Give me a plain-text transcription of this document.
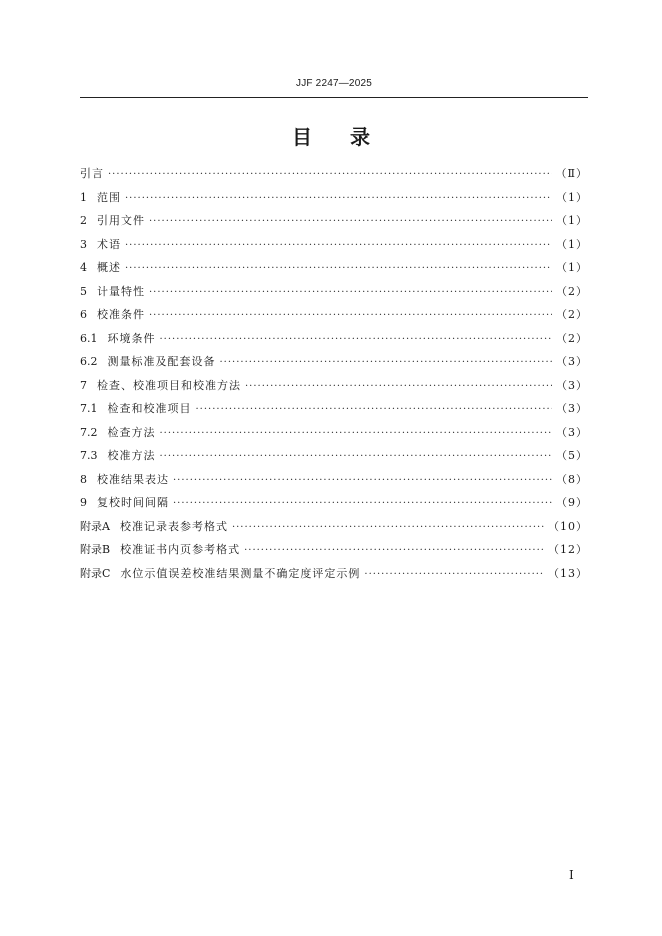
JJF 2247—2025
目录
引言 ·····	（Ⅱ）
1 范围 ·····	（1）
2 引用文件 ·····	（1）
3 术语 ·····	（1）
4 概述 ·····	（1）
5 计量特性 ·····	（2）
6 校准条件 ·····	（2）
6.1 环境条件 ·····	（2）
6.2 测量标准及配套设备 ·····	（3）
7 检查、校准项目和校准方法 ·····	（3）
7.1 检查和校准项目 ·····	（3）
7.2 检查方法 ·····	（3）
7.3 校准方法 ·····	（5）
8 校准结果表达 ·····	（8）
9 复校时间间隔 ·····	（9）
附录A 校准记录表参考格式 ·····	（10）
附录B 校准证书内页参考格式 ·····	（12）
附录C 水位示值误差校准结果测量不确定度评定示例 ·····	（13）
Ⅰ
